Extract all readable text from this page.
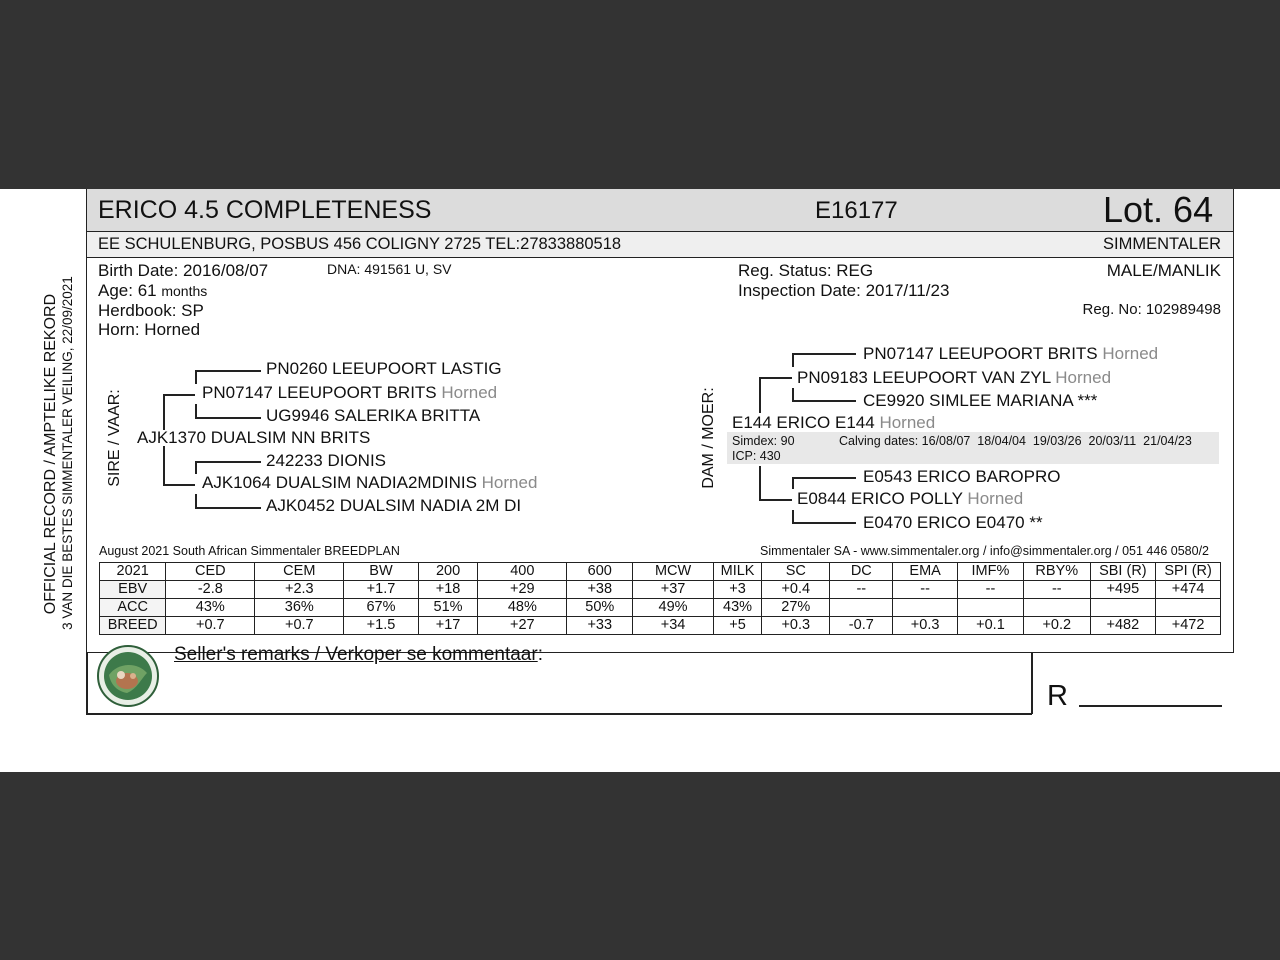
OFFICIAL RECORD / AMPTELIKE REKORD 3 VAN DIE BESTES SIMMENTALER VEILING, 22/09/2021
ERICO 4.5 COMPLETENESS	E16177	Lot. 64
EE SCHULENBURG, POSBUS 456 COLIGNY 2725 TEL:27833880518	SIMMENTALER
Birth Date: 2016/08/07	DNA: 491561 U, SV
Age: 61 months
Herdbook: SP
Horn: Horned
Reg. Status: REG
Inspection Date: 2017/11/23
MALE/MANLIK
Reg. No: 102989498
SIRE / VAAR:
PN0260 LEEUPOORT LASTIG
PN07147 LEEUPOORT BRITS Horned
UG9946 SALERIKA BRITTA
AJK1370 DUALSIM NN BRITS
242233 DIONIS
AJK1064 DUALSIM NADIA2MDINIS Horned
AJK0452 DUALSIM NADIA 2M DI
DAM / MOER:
PN07147 LEEUPOORT BRITS Horned
PN09183 LEEUPOORT VAN ZYL Horned
CE9920 SIMLEE MARIANA ***
E144 ERICO E144 Horned
Simdex: 90	Calving dates: 16/08/07  18/04/04  19/03/26  20/03/11  21/04/23
ICP: 430
E0543 ERICO BAROPRO
E0844 ERICO POLLY Horned
E0470 ERICO E0470 **
August 2021 South African Simmentaler BREEDPLAN	Simmentaler SA - www.simmentaler.org / info@simmentaler.org / 051 446 0580/2
2021	CED	CEM	BW	200	400	600	MCW	MILK	SC	DC	EMA	IMF%	RBY%	SBI (R)	SPI (R)
EBV	-2.8	+2.3	+1.7	+18	+29	+38	+37	+3	+0.4	--	--	--	--	+495	+474
ACC	43%	36%	67%	51%	48%	50%	49%	43%	27%						
BREED	+0.7	+0.7	+1.5	+17	+27	+33	+34	+5	+0.3	-0.7	+0.3	+0.1	+0.2	+482	+472
Seller's remarks / Verkoper se kommentaar:
R
